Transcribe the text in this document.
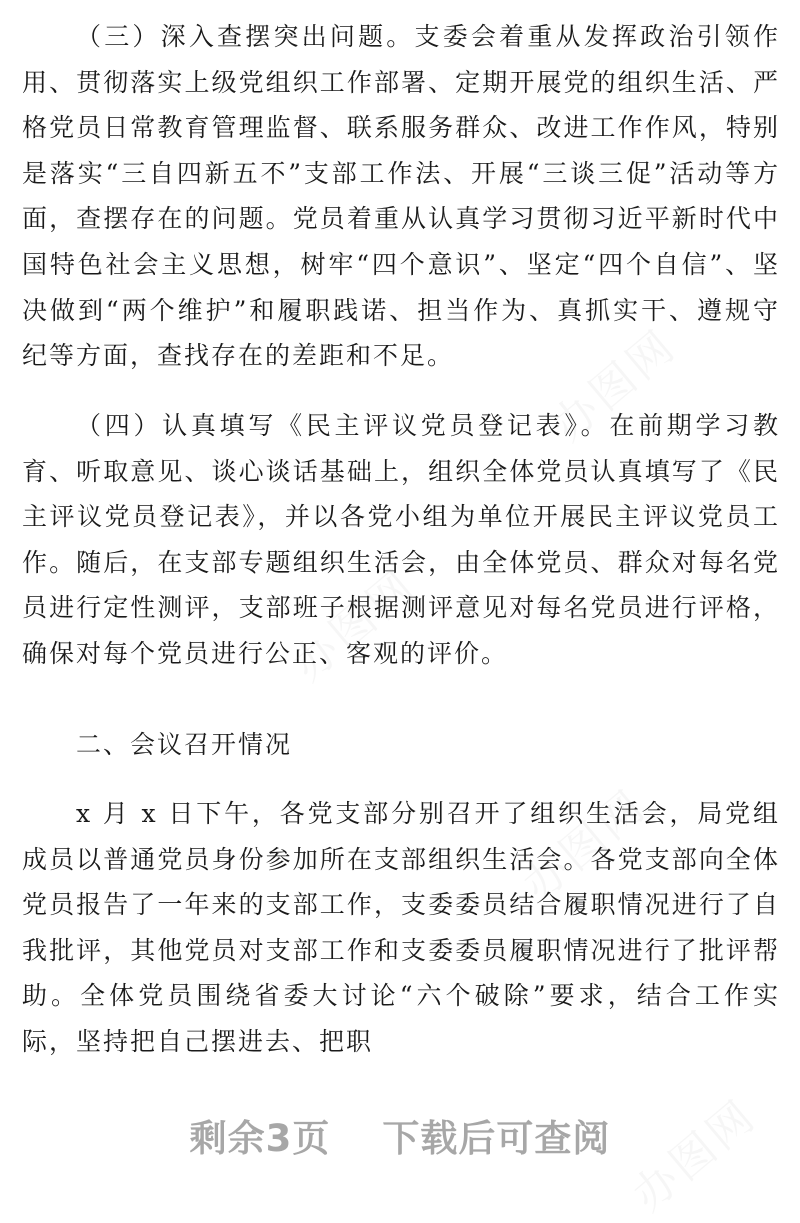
（三）深入查摆突出问题。支委会着重从发挥政治引领作用、贯彻落实上级党组织工作部署、定期开展党的组织生活、严格党员日常教育管理监督、联系服务群众、改进工作作风，特别是落实“三自四新五不”支部工作法、开展“三谈三促”活动等方面，查摆存在的问题。党员着重从认真学习贯彻习近平新时代中国特色社会主义思想，树牢“四个意识”、坚定“四个自信”、坚决做到“两个维护”和履职践诺、担当作为、真抓实干、遵规守纪等方面，查找存在的差距和不足。

（四）认真填写《民主评议党员登记表》。在前期学习教育、听取意见、谈心谈话基础上，组织全体党员认真填写了《民主评议党员登记表》，并以各党小组为单位开展民主评议党员工作。随后，在支部专题组织生活会，由全体党员、群众对每名党员进行定性测评，支部班子根据测评意见对每名党员进行评格，确保对每个党员进行公正、客观的评价。

二、会议召开情况

x 月 x 日下午，各党支部分别召开了组织生活会，局党组成员以普通党员身份参加所在支部组织生活会。各党支部向全体党员报告了一年来的支部工作，支委委员结合履职情况进行了自我批评，其他党员对支部工作和支委委员履职情况进行了批评帮助。全体党员围绕省委大讨论“六个破除”要求，结合工作实际，坚持把自己摆进去、把职

办图网
办图网
办图网
办图网
剩余3页 下载后可查阅
